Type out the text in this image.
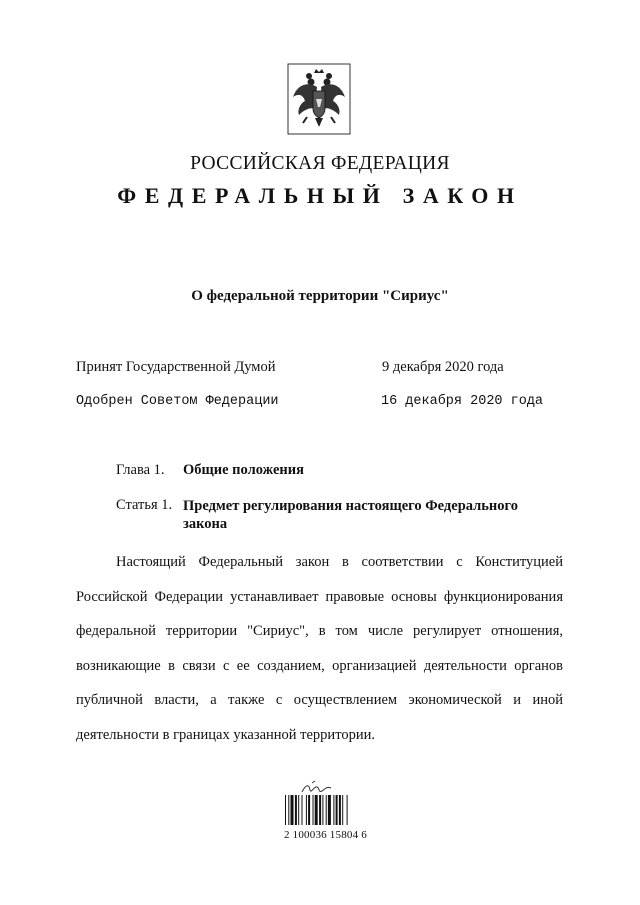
РОССИЙСКАЯ ФЕДЕРАЦИЯ
ФЕДЕРАЛЬНЫЙ ЗАКОН
О федеральной территории "Сириус"
Принят Государственной Думой	9 декабря 2020 года
Одобрен Советом Федерации	16 декабря 2020 года
Глава 1. Общие положения
Статья 1. Предмет регулирования настоящего Федерального закона
Настоящий Федеральный закон в соответствии с Конституцией Российской Федерации устанавливает правовые основы функционирования федеральной территории "Сириус", в том числе регулирует отношения, возникающие в связи с ее созданием, организацией деятельности органов публичной власти, а также с осуществлением экономической и иной деятельности в границах указанной территории.
2 100036 15804 6
